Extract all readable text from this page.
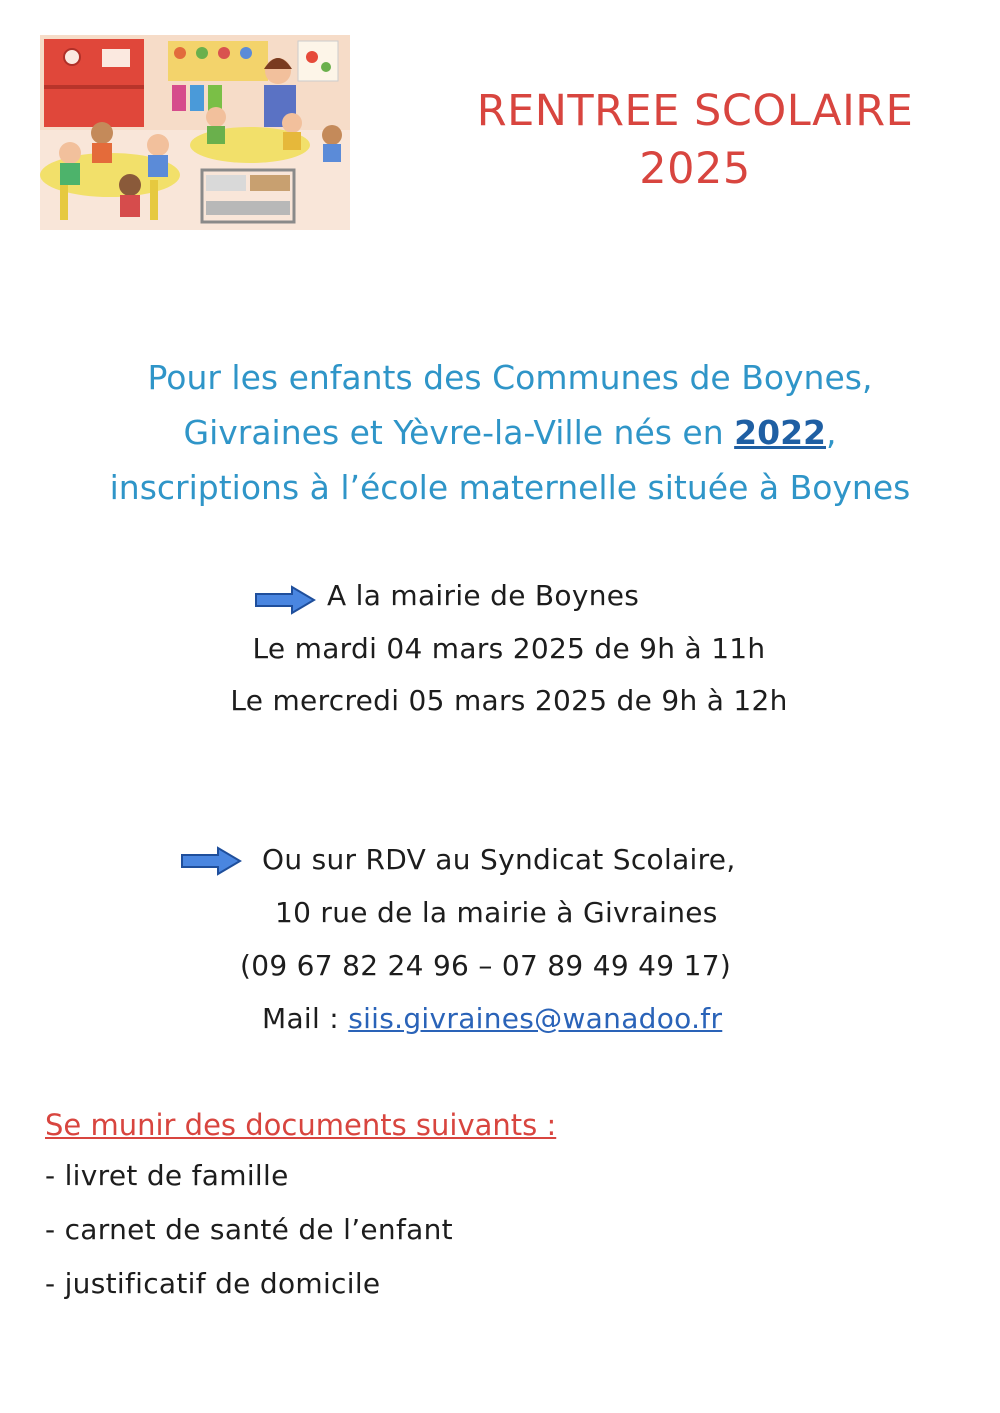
RENTREE SCOLAIRE
2025
Pour les enfants des Communes de Boynes,
Givraines et Yèvre-la-Ville nés en 2022,
inscriptions à l’école maternelle située à Boynes
A la mairie de Boynes
Le mardi 04 mars 2025 de 9h à 11h
Le mercredi 05 mars 2025 de 9h à 12h
Ou sur RDV au Syndicat Scolaire,
10 rue de la mairie à Givraines
(09 67 82 24 96 – 07 89 49 49 17)
Mail : siis.givraines@wanadoo.fr
Se munir des documents suivants :
- livret de famille
- carnet de santé de l’enfant
- justificatif de domicile
